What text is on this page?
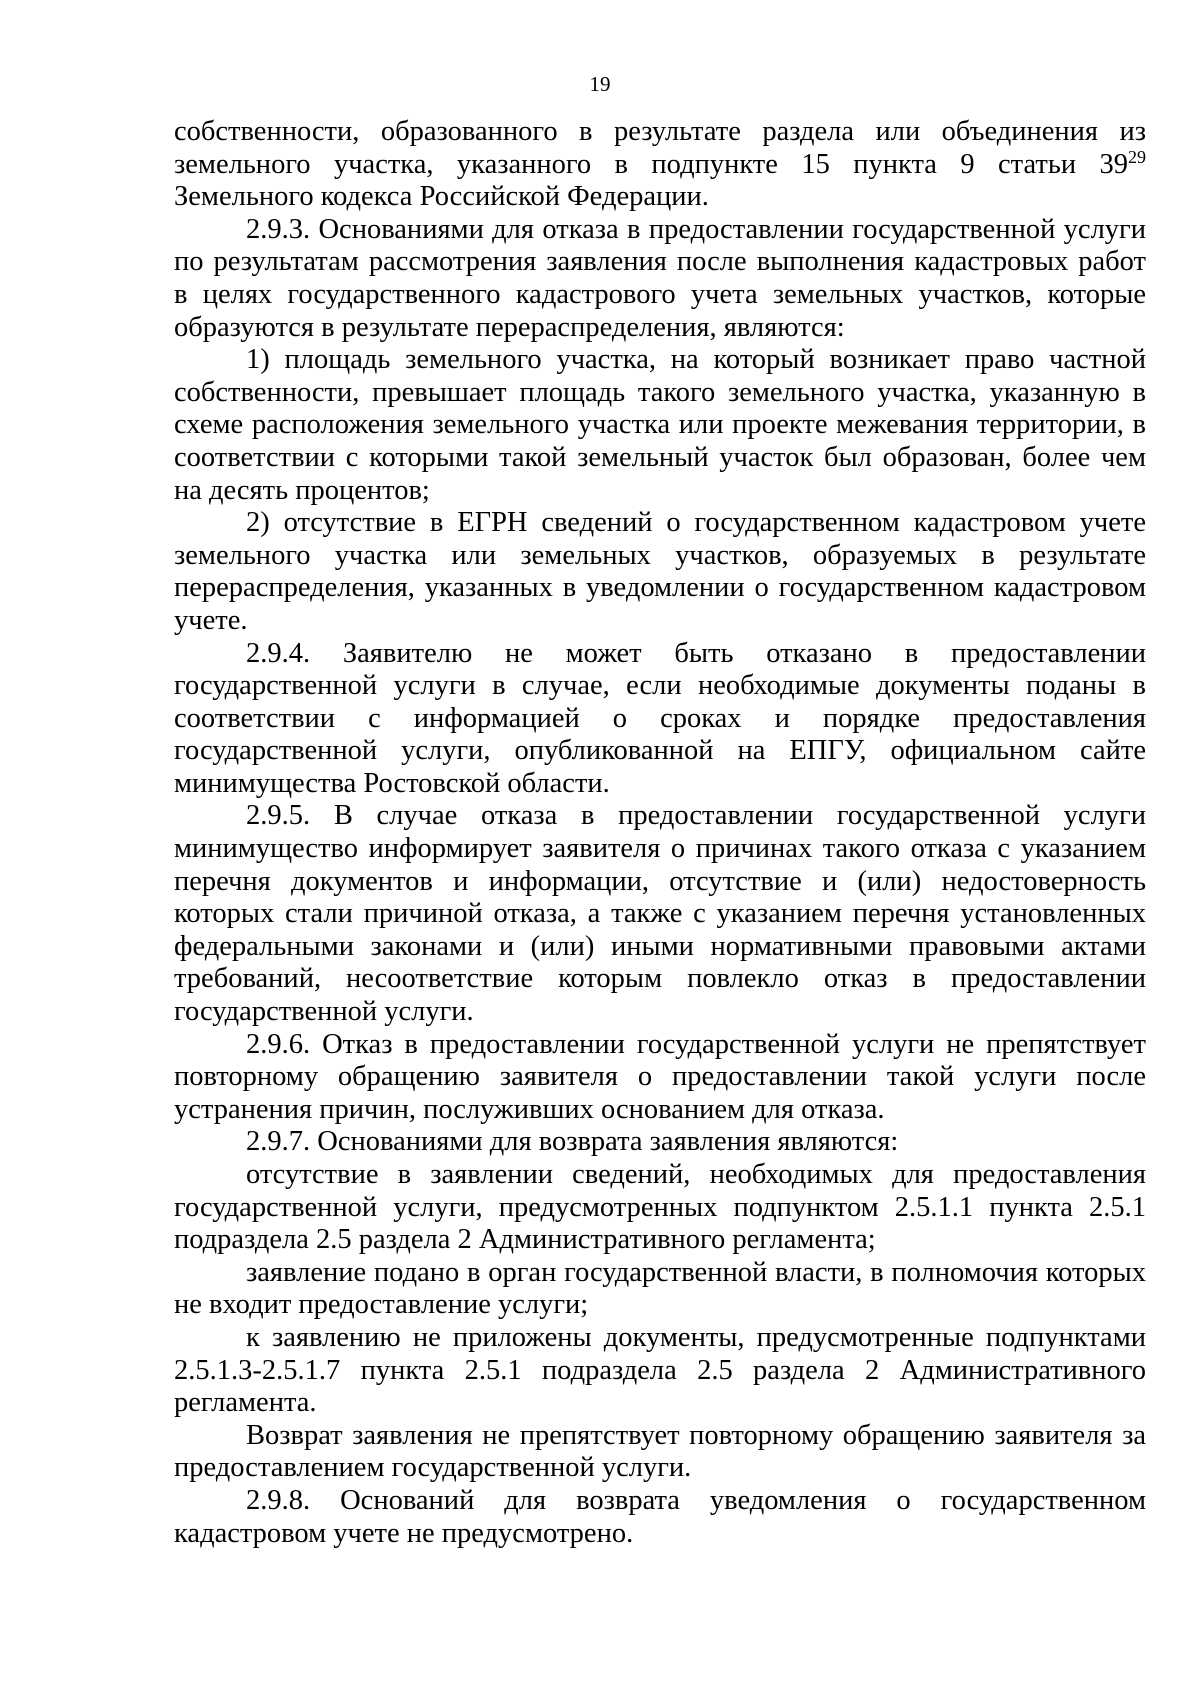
19

собственности, образованного в результате раздела или объединения из земельного участка, указанного в подпункте 15 пункта 9 статьи $39^{29}$ Земельного кодекса Российской Федерации.

2.9.3. Основаниями для отказа в предоставлении государственной услуги по результатам рассмотрения заявления после выполнения кадастровых работ в целях государственного кадастрового учета земельных участков, которые образуются в результате перераспределения, являются:

1) площадь земельного участка, на который возникает право частной собственности, превышает площадь такого земельного участка, указанную в схеме расположения земельного участка или проекте межевания территории, в соответствии с которыми такой земельный участок был образован, более чем на десять процентов;

2) отсутствие в ЕГРН сведений о государственном кадастровом учете земельного участка или земельных участков, образуемых в результате перераспределения, указанных в уведомлении о государственном кадастровом учете.

2.9.4. Заявителю не может быть отказано в предоставлении государственной услуги в случае, если необходимые документы поданы в соответствии с информацией о сроках и порядке предоставления государственной услуги, опубликованной на ЕПГУ, официальном сайте минимущества Ростовской области.

2.9.5. В случае отказа в предоставлении государственной услуги минимущество информирует заявителя о причинах такого отказа с указанием перечня документов и информации, отсутствие и (или) недостоверность которых стали причиной отказа, а также с указанием перечня установленных федеральными законами и (или) иными нормативными правовыми актами требований, несоответствие которым повлекло отказ в предоставлении государственной услуги.

2.9.6. Отказ в предоставлении государственной услуги не препятствует повторному обращению заявителя о предоставлении такой услуги после устранения причин, послуживших основанием для отказа.

2.9.7. Основаниями для возврата заявления являются:

отсутствие в заявлении сведений, необходимых для предоставления государственной услуги, предусмотренных подпунктом 2.5.1.1 пункта 2.5.1 подраздела 2.5 раздела 2 Административного регламента;

заявление подано в орган государственной власти, в полномочия которых не входит предоставление услуги;

к заявлению не приложены документы, предусмотренные подпунктами 2.5.1.3-2.5.1.7 пункта 2.5.1 подраздела 2.5 раздела 2 Административного регламента.

Возврат заявления не препятствует повторному обращению заявителя за предоставлением государственной услуги.

2.9.8. Оснований для возврата уведомления о государственном кадастровом учете не предусмотрено.
